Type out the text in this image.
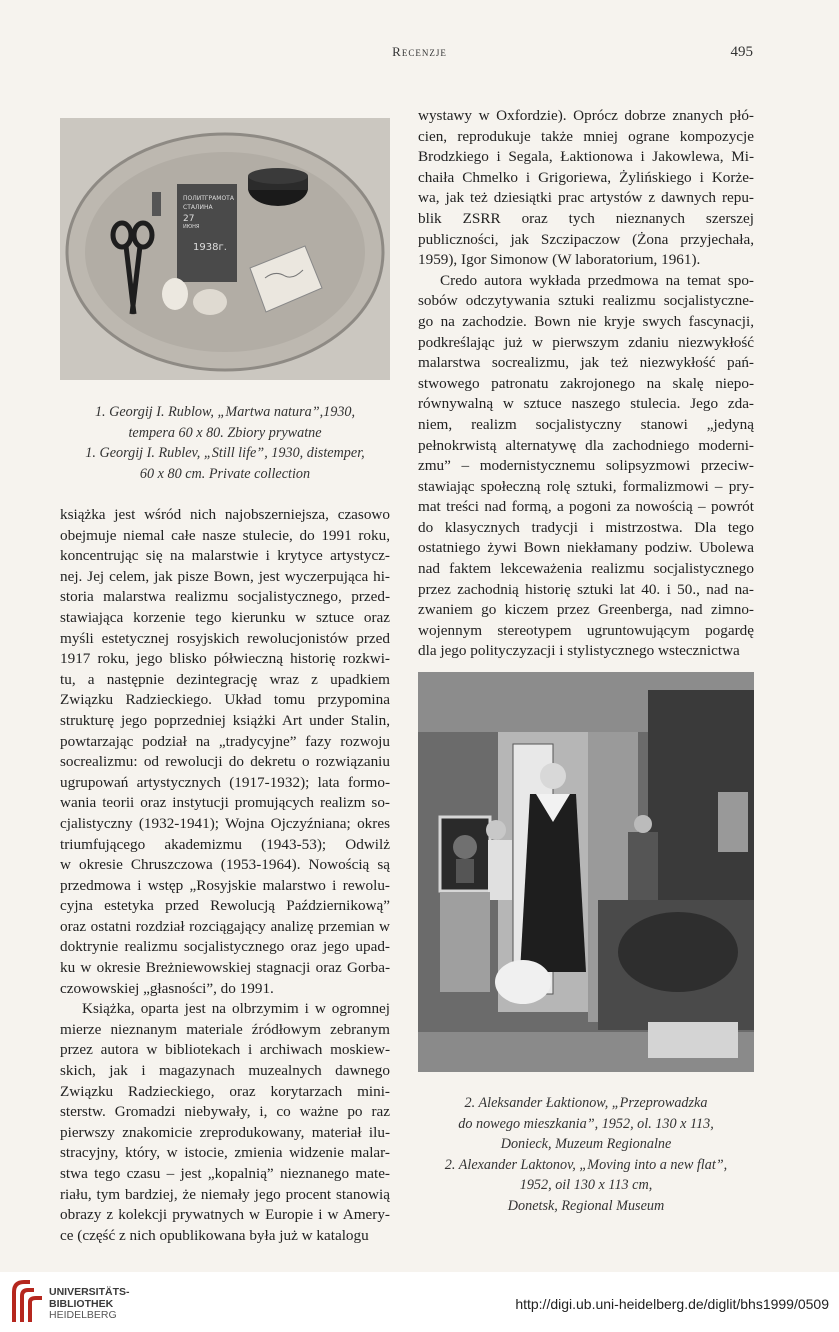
Recenzje	495
ПОЛИТГРАМОТА
СТАЛИНА
27
ИЮНЯ
1938г.
1. Georgij I. Rublow, „Martwa natura”,1930,
tempera 60 x 80. Zbiory prywatne
1. Georgij I. Rublev, „Still life”, 1930, distemper,
60 x 80 cm. Private collection
książka jest wśród nich najobszerniejsza, czasowo
obejmuje niemal całe nasze stulecie, do 1991 roku,
koncentrując się na malarstwie i krytyce artystycz-
nej. Jej celem, jak pisze Bown, jest wyczerpująca hi-
storia malarstwa realizmu socjalistycznego, przed-
stawiająca korzenie tego kierunku w sztuce oraz
myśli estetycznej rosyjskich rewolucjonistów przed
1917 roku, jego blisko półwieczną historię rozkwi-
tu, a następnie dezintegrację wraz z upadkiem
Związku Radzieckiego. Układ tomu przypomina
strukturę jego poprzedniej książki Art under Stalin,
powtarzając podział na „tradycyjne” fazy rozwoju
socrealizmu: od rewolucji do dekretu o rozwiązaniu
ugrupowań artystycznych (1917-1932); lata formo-
wania teorii oraz instytucji promujących realizm so-
cjalistyczny (1932-1941); Wojna Ojczyźniana; okres
triumfującego akademizmu (1943-53); Odwilż
w okresie Chruszczowa (1953-1964). Nowością są
przedmowa i wstęp „Rosyjskie malarstwo i rewolu-
cyjna estetyka przed Rewolucją Październikową”
oraz ostatni rozdział rozciągający analizę przemian w
doktrynie realizmu socjalistycznego oraz jego upad-
ku w okresie Breżniewowskiej stagnacji oraz Gorba-
czowowskiej „głasności”, do 1991.
Książka, oparta jest na olbrzymim i w ogromnej
mierze nieznanym materiale źródłowym zebranym
przez autora w bibliotekach i archiwach moskiew-
skich, jak i magazynach muzealnych dawnego
Związku Radzieckiego, oraz korytarzach mini-
sterstw. Gromadzi niebywały, i, co ważne po raz
pierwszy znakomicie zreprodukowany, materiał ilu-
stracyjny, który, w istocie, zmienia widzenie malar-
stwa tego czasu – jest „kopalnią” nieznanego mate-
riału, tym bardziej, że niemały jego procent stanowią
obrazy z kolekcji prywatnych w Europie i w Amery-
ce (część z nich opublikowana była już w katalogu
wystawy w Oxfordzie). Oprócz dobrze znanych płó-
cien, reprodukuje także mniej ograne kompozycje
Brodzkiego i Segala, Łaktionowa i Jakowlewa, Mi-
chaiła Chmelko i Grigoriewa, Żylińskiego i Korże-
wa, jak też dziesiątki prac artystów z dawnych repu-
blik ZSRR oraz tych nieznanych szerszej
publiczności, jak Szczipaczow (Żona przyjechała,
1959), Igor Simonow (W laboratorium, 1961).
Credo autora wykłada przedmowa na temat spo-
sobów odczytywania sztuki realizmu socjalistyczne-
go na zachodzie. Bown nie kryje swych fascynacji,
podkreślając już w pierwszym zdaniu niezwykłość
malarstwa socrealizmu, jak też niezwykłość pań-
stwowego patronatu zakrojonego na skalę niepo-
równywalną w sztuce naszego stulecia. Jego zda-
niem, realizm socjalistyczny stanowi „jedyną
pełnokrwistą alternatywę dla zachodniego moderni-
zmu” – modernistycznemu solipsyzmowi przeciw-
stawiając społeczną rolę sztuki, formalizmowi – pry-
mat treści nad formą, a pogoni za nowością – powrót
do klasycznych tradycji i mistrzostwa. Dla tego
ostatniego żywi Bown niekłamany podziw. Ubolewa
nad faktem lekceważenia realizmu socjalistycznego
przez zachodnią historię sztuki lat 40. i 50., nad na-
zwaniem go kiczem przez Greenberga, nad zimno-
wojennym stereotypem ugruntowującym pogardę
dla jego polityczyzacji i stylistycznego wstecznictwa
2. Aleksander Łaktionow, „Przeprowadzka
do nowego mieszkania”, 1952, ol. 130 x 113,
Donieck, Muzeum Regionalne
2. Alexander Laktonov, „Moving into a new flat”,
1952, oil 130 x 113 cm,
Donetsk, Regional Museum
UNIVERSITÄTS-
BIBLIOTHEK
HEIDELBERG
http://digi.ub.uni-heidelberg.de/diglit/bhs1999/0509
